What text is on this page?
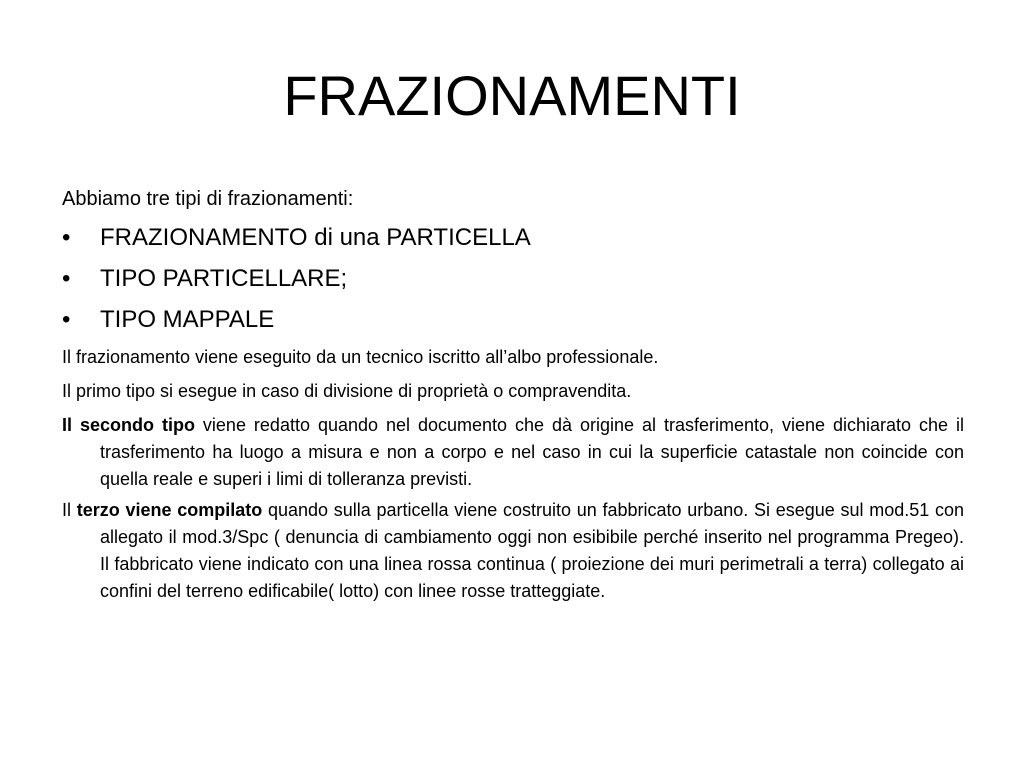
FRAZIONAMENTI

Abbiamo tre tipi di frazionamenti:

•	FRAZIONAMENTO di una PARTICELLA
•	TIPO PARTICELLARE;
•	TIPO MAPPALE

Il frazionamento viene eseguito da un tecnico iscritto all’albo professionale.

Il primo tipo si esegue in caso di divisione di proprietà o compravendita.

Il secondo tipo viene redatto quando nel documento che dà origine al trasferimento, viene dichiarato che il trasferimento ha luogo a misura e non a corpo e nel caso in cui la superficie catastale non coincide con quella reale e superi i limi di tolleranza previsti.

Il terzo viene compilato quando sulla particella viene costruito un fabbricato urbano. Si esegue sul mod.51 con allegato il mod.3/Spc ( denuncia di cambiamento oggi non esibibile perché inserito nel programma Pregeo). Il fabbricato viene indicato con una linea rossa continua ( proiezione dei muri perimetrali a terra) collegato ai confini del terreno edificabile( lotto) con linee rosse tratteggiate.
